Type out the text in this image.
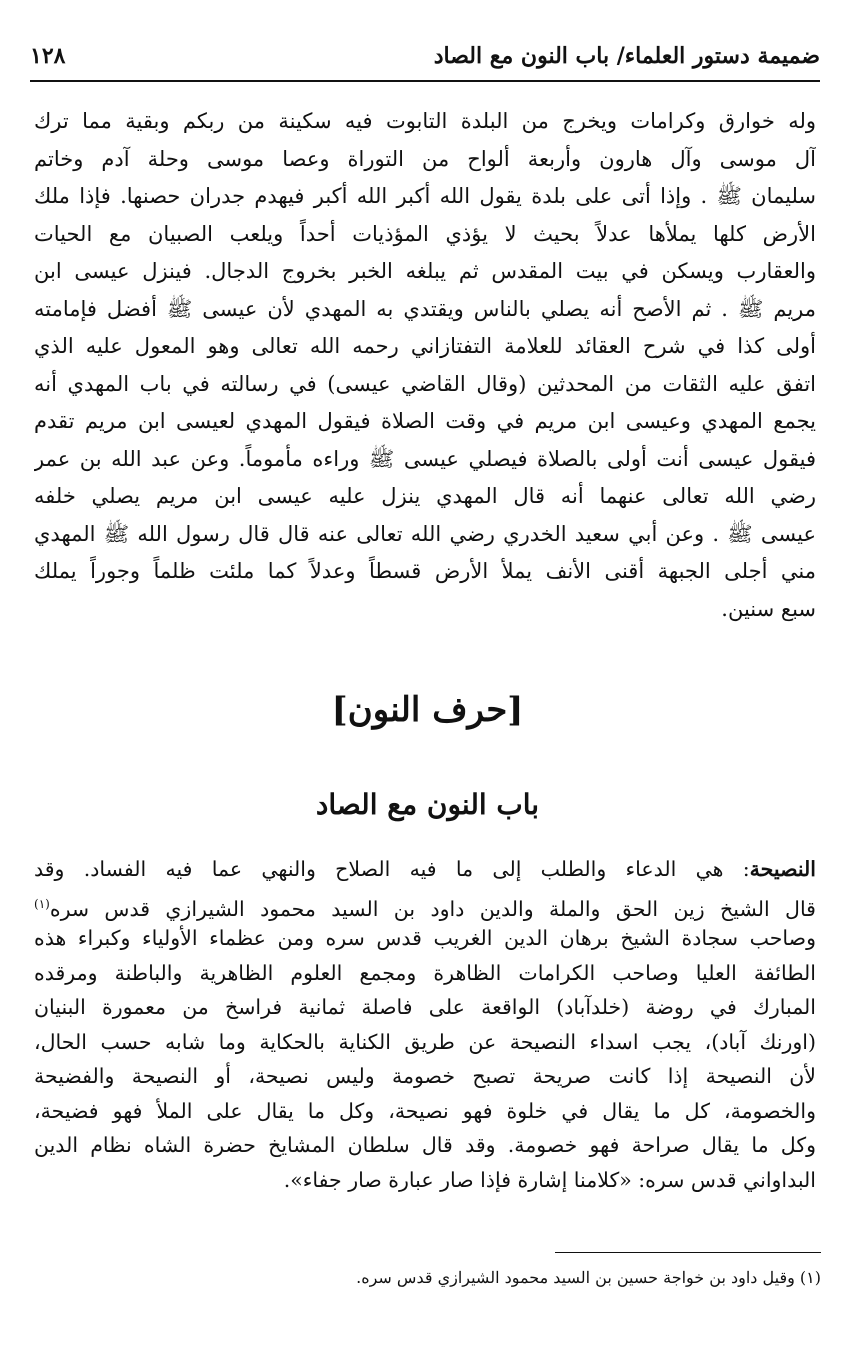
ضميمة دستور العلماء/ باب النون مع الصاد
١٢٨
وله خوارق وكرامات ويخرج من البلدة التابوت فيه سكينة من ربكم وبقية مما ترك
آل موسى وآل هارون وأربعة ألواح من التوراة وعصا موسى وحلة آدم وخاتم
سليمان ﷺ . وإذا أتى على بلدة يقول الله أكبر الله أكبر فيهدم جدران حصنها. فإذا ملك
الأرض كلها يملأها عدلاً بحيث لا يؤذي المؤذيات أحداً ويلعب الصبيان مع الحيات
والعقارب ويسكن في بيت المقدس ثم يبلغه الخبر بخروج الدجال. فينزل عيسى ابن
مريم ﷺ . ثم الأصح أنه يصلي بالناس ويقتدي به المهدي لأن عيسى ﷺ أفضل فإمامته
أولى كذا في شرح العقائد للعلامة التفتازاني رحمه الله تعالى وهو المعول عليه الذي
اتفق عليه الثقات من المحدثين (وقال القاضي عيسى) في رسالته في باب المهدي أنه
يجمع المهدي وعيسى ابن مريم في وقت الصلاة فيقول المهدي لعيسى ابن مريم تقدم
فيقول عيسى أنت أولى بالصلاة فيصلي عيسى ﷺ وراءه مأموماً. وعن عبد الله بن عمر
رضي الله تعالى عنهما أنه قال المهدي ينزل عليه عيسى ابن مريم يصلي خلفه
عيسى ﷺ . وعن أبي سعيد الخدري رضي الله تعالى عنه قال قال رسول الله ﷺ المهدي
مني أجلى الجبهة أقنى الأنف يملأ الأرض قسطاً وعدلاً كما ملئت ظلماً وجوراً يملك
سبع سنين.
[حرف النون]
باب النون مع الصاد
النصيحة: هي الدعاء والطلب إلى ما فيه الصلاح والنهي عما فيه الفساد. وقد
قال الشيخ زين الحق والملة والدين داود بن السيد محمود الشيرازي قدس سره$^{(١)}$
وصاحب سجادة الشيخ برهان الدين الغريب قدس سره ومن عظماء الأولياء وكبراء هذه
الطائفة العليا وصاحب الكرامات الظاهرة ومجمع العلوم الظاهرية والباطنة ومرقده
المبارك في روضة (خلدآباد) الواقعة على فاصلة ثمانية فراسخ من معمورة البنيان
(اورنك آباد)، يجب اسداء النصيحة عن طريق الكناية بالحكاية وما شابه حسب الحال،
لأن النصيحة إذا كانت صريحة تصبح خصومة وليس نصيحة، أو النصيحة والفضيحة
والخصومة، كل ما يقال في خلوة فهو نصيحة، وكل ما يقال على الملأ فهو فضيحة،
وكل ما يقال صراحة فهو خصومة. وقد قال سلطان المشايخ حضرة الشاه نظام الدين
البداواني قدس سره: «كلامنا إشارة فإذا صار عبارة صار جفاء».
(١) وقيل داود بن خواجة حسين بن السيد محمود الشيرازي قدس سره.
